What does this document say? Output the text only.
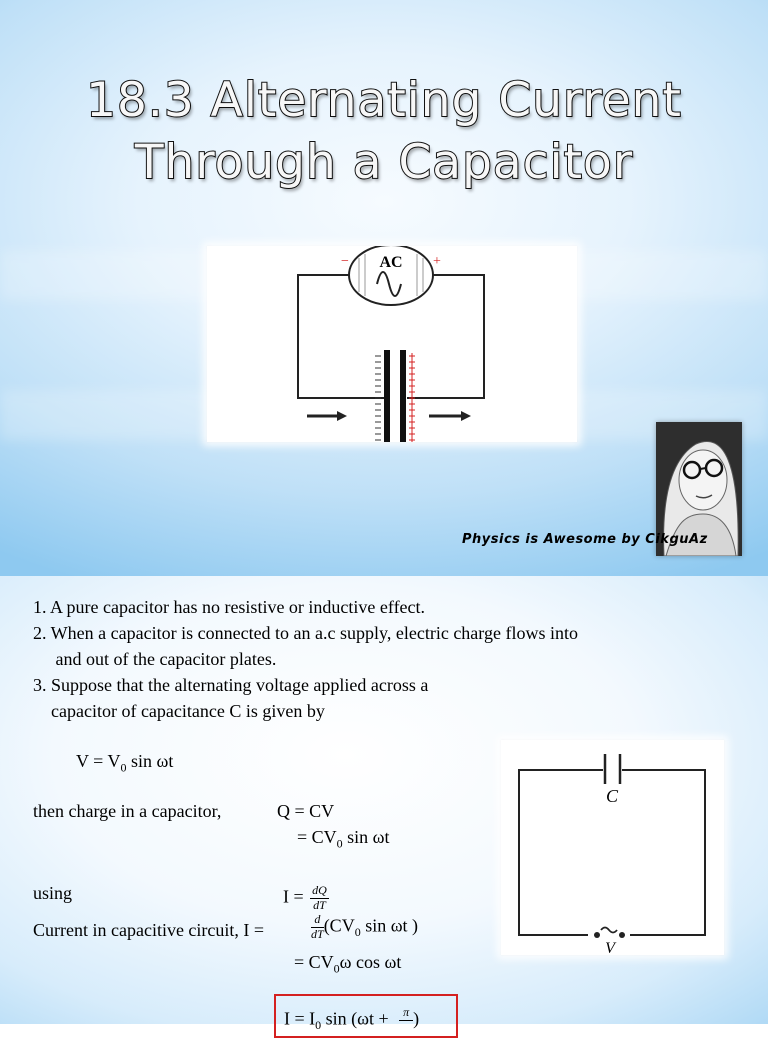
18.3 Alternating Current
Through a Capacitor
AC
−	+
Physics is Awesome by CikguAz
1. A pure capacitor has no resistive or inductive effect.
2. When a capacitor is connected to an a.c supply, electric charge flows into
and out of the capacitor plates.
3. Suppose that the alternating voltage applied across a
capacitor of capacitance C is given by
$V = V_0$ sin ωt
then charge in a capacitor,	Q = CV
= $CV_0$ sin ωt
using	$I = \frac{dQ}{dT}$
Current in capacitive circuit, I =	$\frac{d}{dT} (CV_0$ sin ωt )
= $CV_0\omega$ cos ωt
$I = I_0$ sin (ωt +	π
)
C
V
